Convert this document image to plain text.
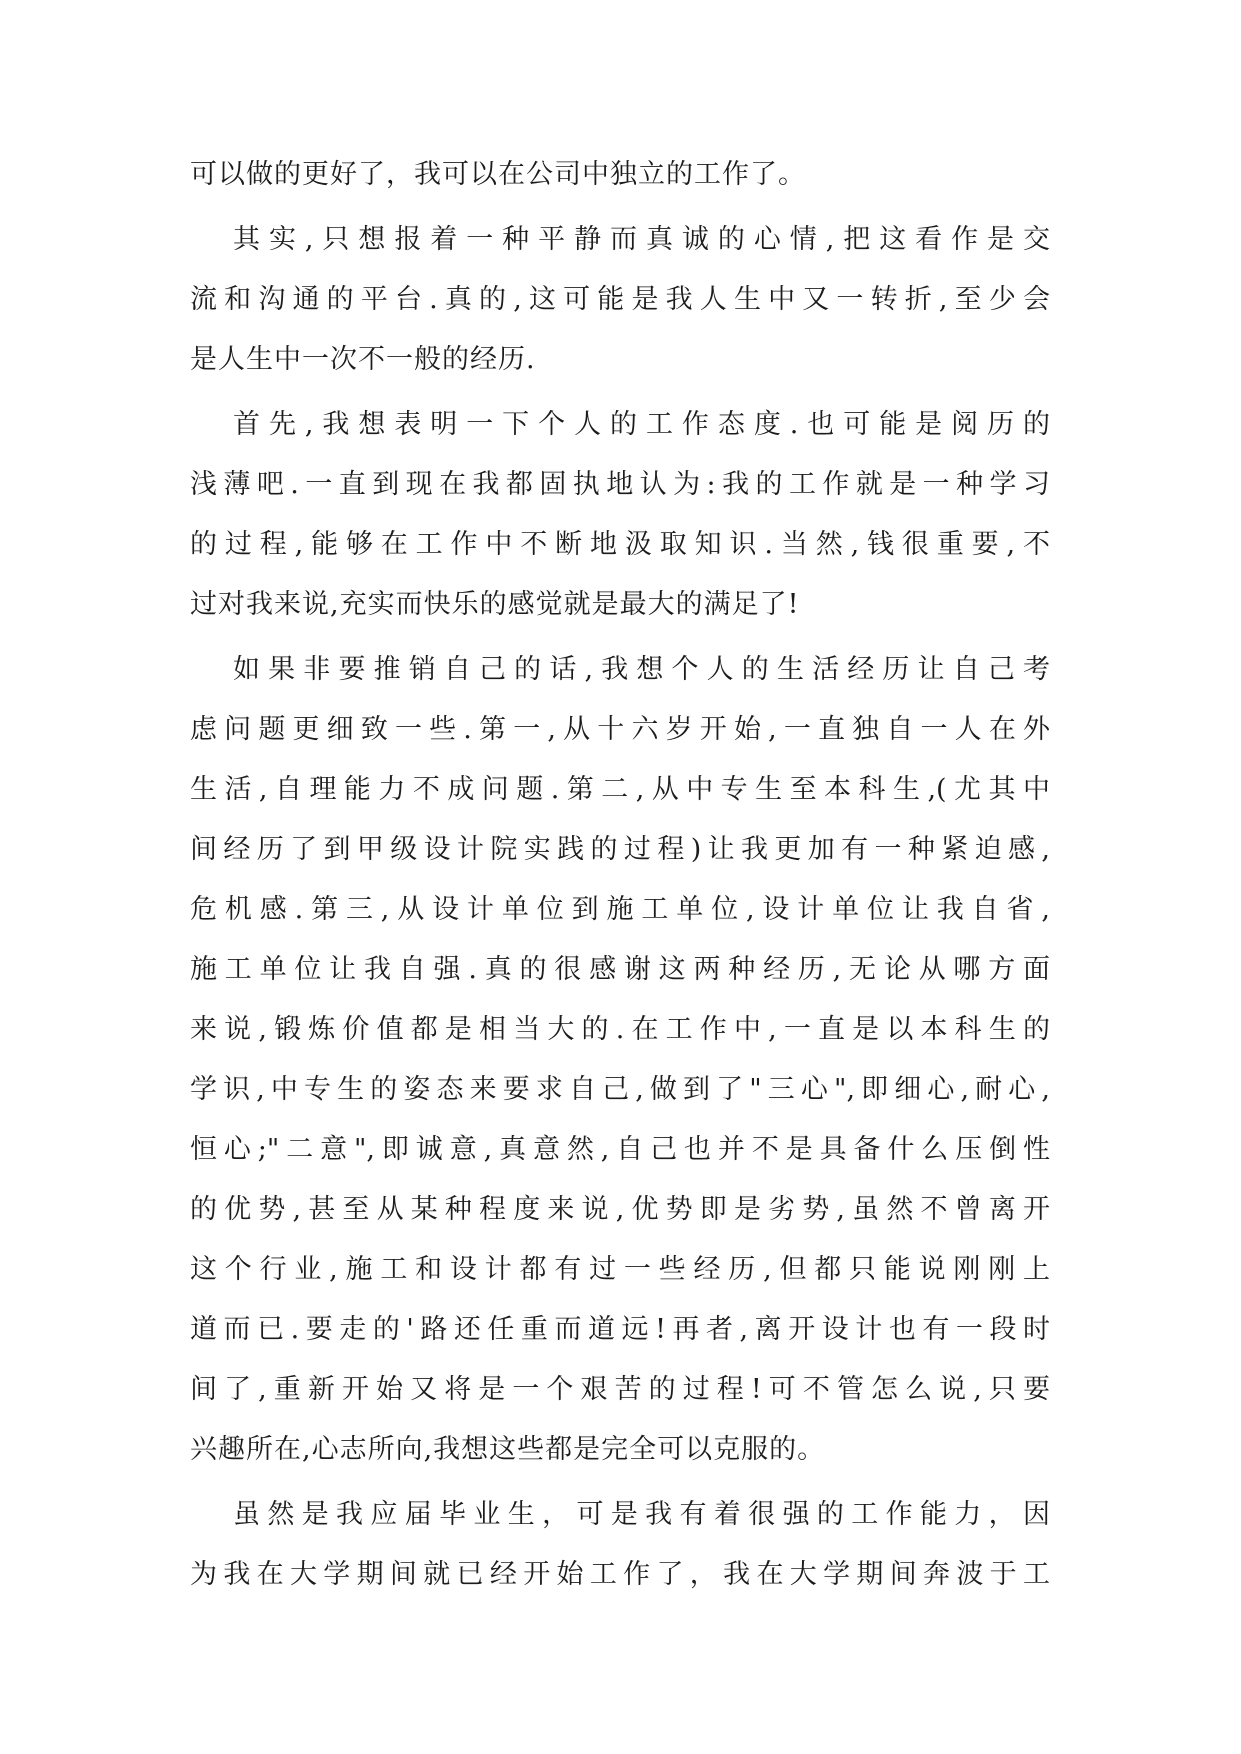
可以做的更好了，我可以在公司中独立的工作了。
其实,只想报着一种平静而真诚的心情,把这看作是交
流和沟通的平台.真的,这可能是我人生中又一转折,至少会
是人生中一次不一般的经历.
首先,我想表明一下个人的工作态度.也可能是阅历的
浅薄吧.一直到现在我都固执地认为:我的工作就是一种学习
的过程,能够在工作中不断地汲取知识.当然,钱很重要,不
过对我来说,充实而快乐的感觉就是最大的满足了!
如果非要推销自己的话,我想个人的生活经历让自己考
虑问题更细致一些.第一,从十六岁开始,一直独自一人在外
生活,自理能力不成问题.第二,从中专生至本科生,(尤其中
间经历了到甲级设计院实践的过程)让我更加有一种紧迫感,
危机感.第三,从设计单位到施工单位,设计单位让我自省,
施工单位让我自强.真的很感谢这两种经历,无论从哪方面
来说,锻炼价值都是相当大的.在工作中,一直是以本科生的
学识,中专生的姿态来要求自己,做到了"三心",即细心,耐心,
恒心;"二意",即诚意,真意然,自己也并不是具备什么压倒性
的优势,甚至从某种程度来说,优势即是劣势,虽然不曾离开
这个行业,施工和设计都有过一些经历,但都只能说刚刚上
道而已.要走的'路还任重而道远!再者,离开设计也有一段时
间了,重新开始又将是一个艰苦的过程!可不管怎么说,只要
兴趣所在,心志所向,我想这些都是完全可以克服的。
虽然是我应届毕业生，可是我有着很强的工作能力，因
为我在大学期间就已经开始工作了，我在大学期间奔波于工
